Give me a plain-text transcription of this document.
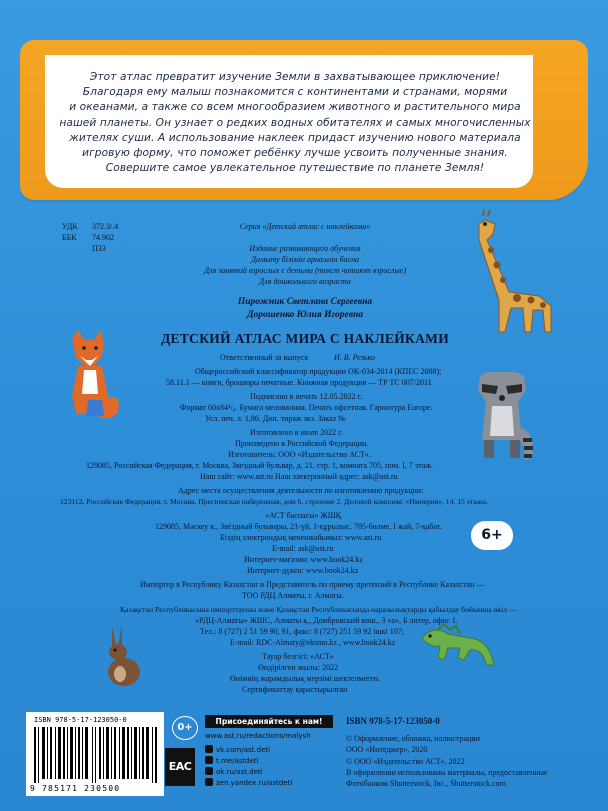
Этот атлас превратит изучение Земли в захватывающее приключение!
Благодаря ему малыш познакомится с континентами и странами, морями
и океанами, а также со всем многообразием животного и растительного мира
нашей планеты. Он узнает о редких водных обитателях и самых многочисленных
жителях суши. А использование наклеек придаст изучению нового материала
игровую форму, что поможет ребёнку лучше усвоить полученные знания.
Совершите самое увлекательное путешествие по планете Земля!
УДК 372.3/.4
ББК 74.902
П33
Серия «Детский атлас с наклейками»
Издание развивающего обучения
Дамыту білімін арналған басна
Для занятий взрослых с детьми (текст читают взрослые)
Для дошкольного возраста
Пирожник Светлана Сергеевна
Дорошенко Юлия Игоревна
ДЕТСКИЙ АТЛАС МИРА С НАКЛЕЙКАМИ
Ответственный за выпуск	И. В. Резько
Общероссийский классификатор продукции ОК-034-2014 (КПЕС 2008);
58.11.1 — книги, брошюры печатные. Книжная продукция — ТР ТС 007/2011
Подписано в печать 12.05.2022 г.
Формат 60x84¹/₈. Бумага мелованная. Печать офсетная. Гарнитура Europe.
Усл. печ. л. 1,86. Доп. тираж экз. Заказ №
Изготовлено в июле 2022 г.
Произведено в Российской Федерации.
Изготовитель: ООО «Издательство АСТ».
129085, Российская Федерация, г. Москва, Звездный бульвар, д. 21, стр. 1, комната 705, пом. I, 7 этаж.
Наш сайт: www.ast.ru Наш электронный адрес: ask@ast.ru
Адрес места осуществления деятельности по изготовлению продукции:
123112, Российская Федерация, г. Москва, Пресненская набережная, дом 6, строение 2, Деловой комплекс «Империя», 14, 15 этажи.
«АСТ баспасы» ЖШҚ
129085, Мәскеу к., Звёздный бульвары, 21-үй, 1-құрылыс, 705-бөлме, I жай, 7-қабат.
Біздің электрондық мекенжайымыз: www.ast.ru
E-mail: ask@ast.ru
Интернет-магазин: www.book24.kz
Интернет-дүкен: www.book24.kz
6+
Импортер в Республику Казахстан и Представитель по приему претензий в Республике Казахстан —
ТОО РДЦ Алматы, г. Алматы.
Қазақстан Республикасына импорттаушы және Қазақстан Республикасында наразылықтарды қабылдау бойынша өкіл —
«РДЦ-Алматы» ЖШС, Алматы қ., Домбровский көш., 3 «а», Б литер, офис 1.
Тел.: 8 (727) 2 51 59 90, 91, факс: 8 (727) 251 59 92 ішкі 107;
E-mail: RDC-Almaty@eksmo.kz , www.book24.kz
Тауар белгісі: «АСТ»
Өндірілген жылы: 2022
Өнімнің жарамдылық мерзімі шектелмеген.
Сертификаттау қарастырылған
ISBN 978-5-17-123050-0
9 785171 230500
0+
EAC
Присоединяйтесь к нам!
www.ast.ru/redactions/malysh
vk.com/ast.deti
t.me/astdeti
ok.ru/ast.deti
zen.yandex.ru/astdeti
ISBN 978-5-17-123050-0
© Оформление, обложка, иллюстрации
ООО «Интеджер», 2020
© ООО «Издательство АСТ», 2022
В оформлении использованы материалы, предоставленные
Фотобанком Shutterstock, Inc., Shutterstock.com
